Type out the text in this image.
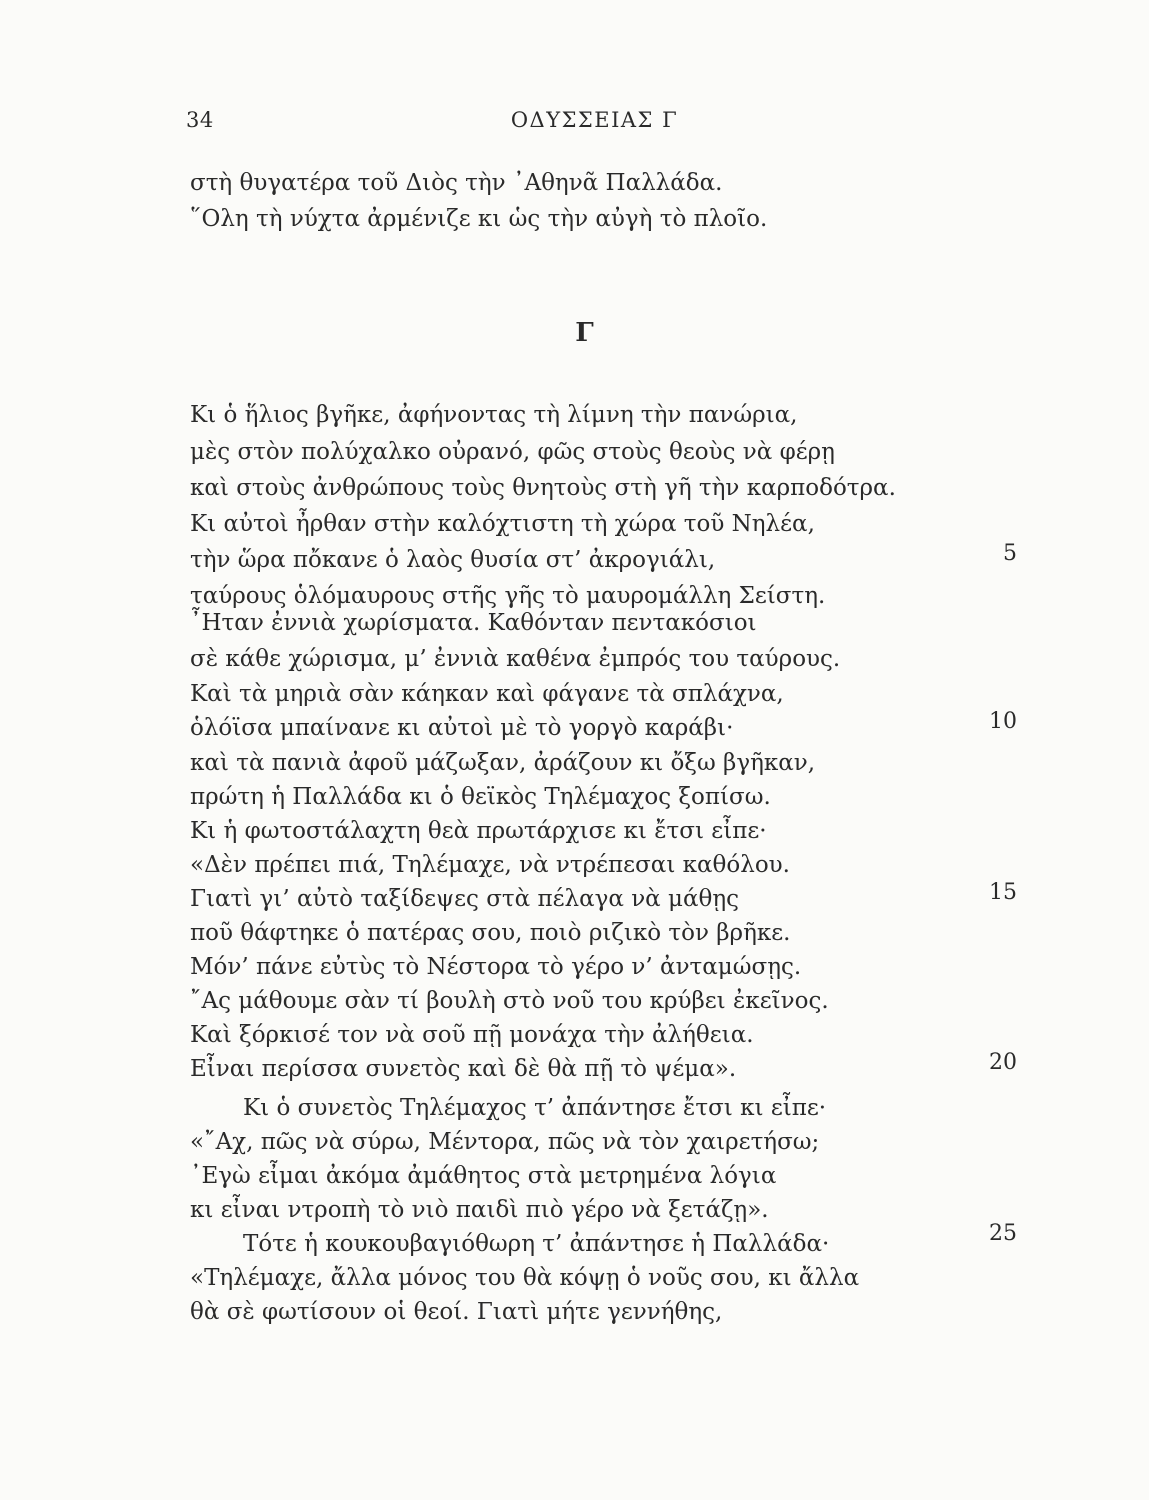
34	ΟΔΥΣΣΕΙΑΣ Γ
στὴ θυγατέρα τοῦ Διὸς τὴν ᾿Αθηνᾶ Παλλάδα.
῞Ολη τὴ νύχτα ἀρμένιζε κι ὡς τὴν αὐγὴ τὸ πλοῖο.
Γ
Κι ὁ ἥλιος βγῆκε, ἀφήνοντας τὴ λίμνη τὴν πανώρια,
μὲς στὸν πολύχαλκο οὐρανό, φῶς στοὺς θεοὺς νὰ φέρῃ
καὶ στοὺς ἀνθρώπους τοὺς θνητοὺς στὴ γῆ τὴν καρποδότρα.
Κι αὐτοὶ ἦρθαν στὴν καλόχτιστη τὴ χώρα τοῦ Νηλέα,
τὴν ὥρα πὄκανε ὁ λαὸς θυσία στ’ ἀκρογιάλι,
ταύρους ὁλόμαυρους στῆς γῆς τὸ μαυρομάλλη Σείστη.
῏Ηταν ἐννιὰ χωρίσματα. Καθόνταν πεντακόσιοι
σὲ κάθε χώρισμα, μ’ ἐννιὰ καθένα ἐμπρός του ταύρους.
Καὶ τὰ μηριὰ σὰν κάηκαν καὶ φάγανε τὰ σπλάχνα,
ὁλόϊσα μπαίνανε κι αὐτοὶ μὲ τὸ γοργὸ καράβι·
καὶ τὰ πανιὰ ἀφοῦ μάζωξαν, ἀράζουν κι ὄξω βγῆκαν,
πρώτη ἡ Παλλάδα κι ὁ θεϊκὸς Τηλέμαχος ξοπίσω.
Κι ἡ φωτοστάλαχτη θεὰ πρωτάρχισε κι ἔτσι εἶπε·
«Δὲν πρέπει πιά, Τηλέμαχε, νὰ ντρέπεσαι καθόλου.
Γιατὶ γι’ αὐτὸ ταξίδεψες στὰ πέλαγα νὰ μάθῃς
ποῦ θάφτηκε ὁ πατέρας σου, ποιὸ ριζικὸ τὸν βρῆκε.
Μόν’ πάνε εὐτὺς τὸ Νέστορα τὸ γέρο ν’ ἀνταμώσῃς.
῎Ας μάθουμε σὰν τί βουλὴ στὸ νοῦ του κρύβει ἐκεῖνος.
Καὶ ξόρκισέ τον νὰ σοῦ πῇ μονάχα τὴν ἀλήθεια.
Εἶναι περίσσα συνετὸς καὶ δὲ θὰ πῇ τὸ ψέμα».
Κι ὁ συνετὸς Τηλέμαχος τ’ ἀπάντησε ἔτσι κι εἶπε·
«῎Αχ, πῶς νὰ σύρω, Μέντορα, πῶς νὰ τὸν χαιρετήσω;
᾿Εγὼ εἶμαι ἀκόμα ἀμάθητος στὰ μετρημένα λόγια
κι εἶναι ντροπὴ τὸ νιὸ παιδὶ πιὸ γέρο νὰ ξετάζῃ».
Τότε ἡ κουκουβαγιόθωρη τ’ ἀπάντησε ἡ Παλλάδα·
«Τηλέμαχε, ἄλλα μόνος του θὰ κόψῃ ὁ νοῦς σου, κι ἄλλα
θὰ σὲ φωτίσουν οἱ θεοί. Γιατὶ μήτε γεννήθης,
5
10
15
20
25
